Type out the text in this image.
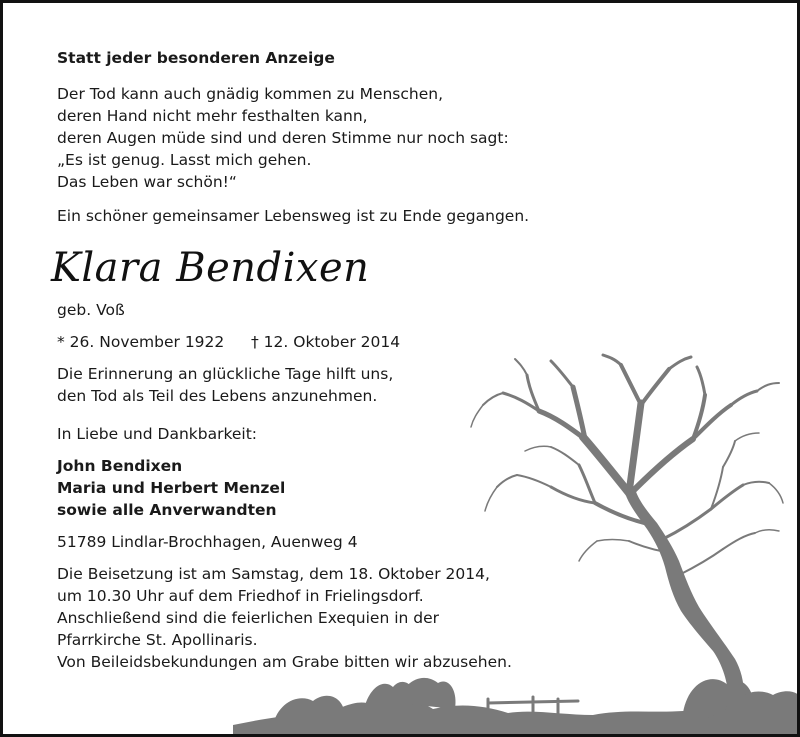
Statt jeder besonderen Anzeige
Der Tod kann auch gnädig kommen zu Menschen,
deren Hand nicht mehr festhalten kann,
deren Augen müde sind und deren Stimme nur noch sagt:
„Es ist genug. Lasst mich gehen.
Das Leben war schön!“
Ein schöner gemeinsamer Lebensweg ist zu Ende gegangen.
Klara Bendixen
geb. Voß
* 26. November 1922	† 12. Oktober 2014
Die Erinnerung an glückliche Tage hilft uns,
den Tod als Teil des Lebens anzunehmen.
In Liebe und Dankbarkeit:
John Bendixen
Maria und Herbert Menzel
sowie alle Anverwandten
51789 Lindlar-Brochhagen, Auenweg 4
Die Beisetzung ist am Samstag, dem 18. Oktober 2014,
um 10.30 Uhr auf dem Friedhof in Frielingsdorf.
Anschließend sind die feierlichen Exequien in der
Pfarrkirche St. Apollinaris.
Von Beileidsbekundungen am Grabe bitten wir abzusehen.
